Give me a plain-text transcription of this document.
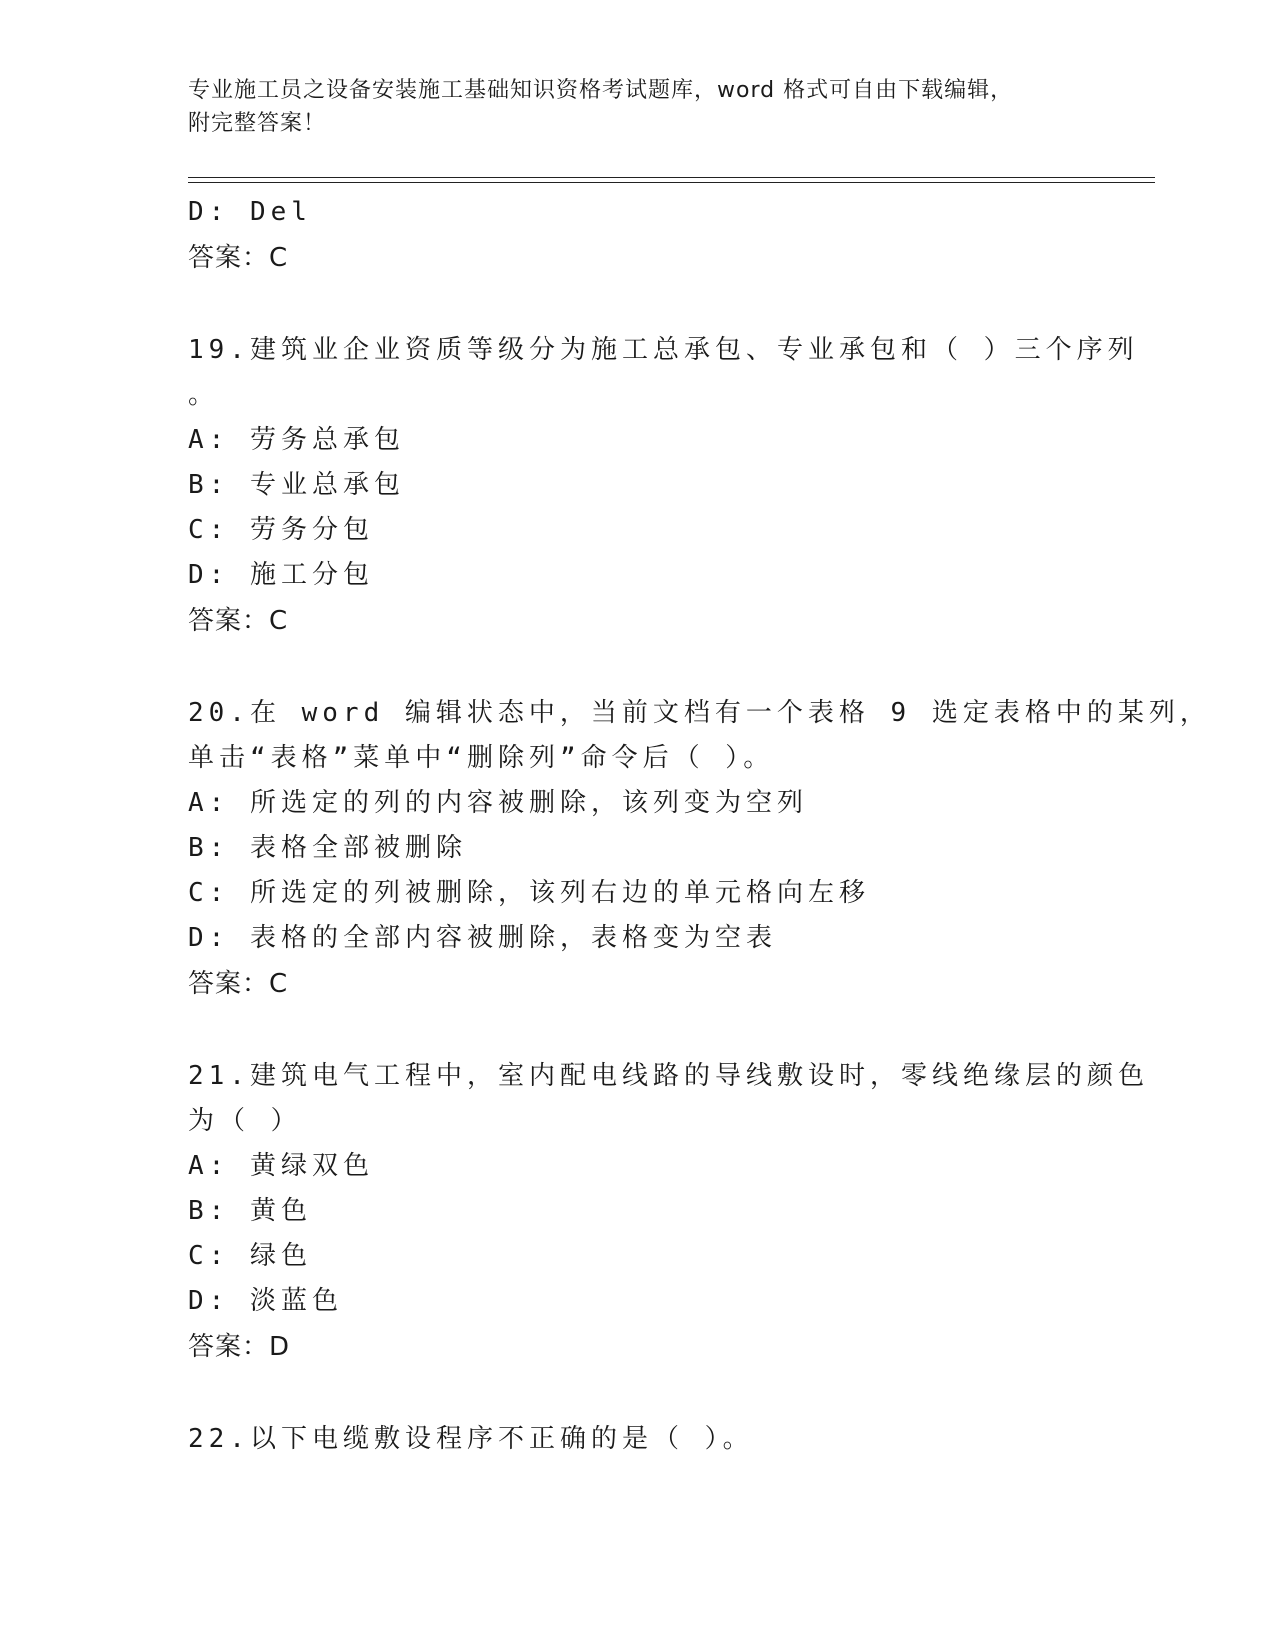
专业施工员之设备安装施工基础知识资格考试题库，word 格式可自由下载编辑，
附完整答案！
D: Del
答案：C
19.建筑业企业资质等级分为施工总承包、专业承包和（ ）三个序列
。
A: 劳务总承包
B: 专业总承包
C: 劳务分包
D: 施工分包
答案：C
20.在 word 编辑状态中，当前文档有一个表格 9 选定表格中的某列，
单击“表格”菜单中“删除列”命令后（ ）。
A: 所选定的列的内容被删除，该列变为空列
B: 表格全部被删除
C: 所选定的列被删除，该列右边的单元格向左移
D: 表格的全部内容被删除，表格变为空表
答案：C
21.建筑电气工程中，室内配电线路的导线敷设时，零线绝缘层的颜色
为（ ）
A: 黄绿双色
B: 黄色
C: 绿色
D: 淡蓝色
答案：D
22.以下电缆敷设程序不正确的是（ ）。
